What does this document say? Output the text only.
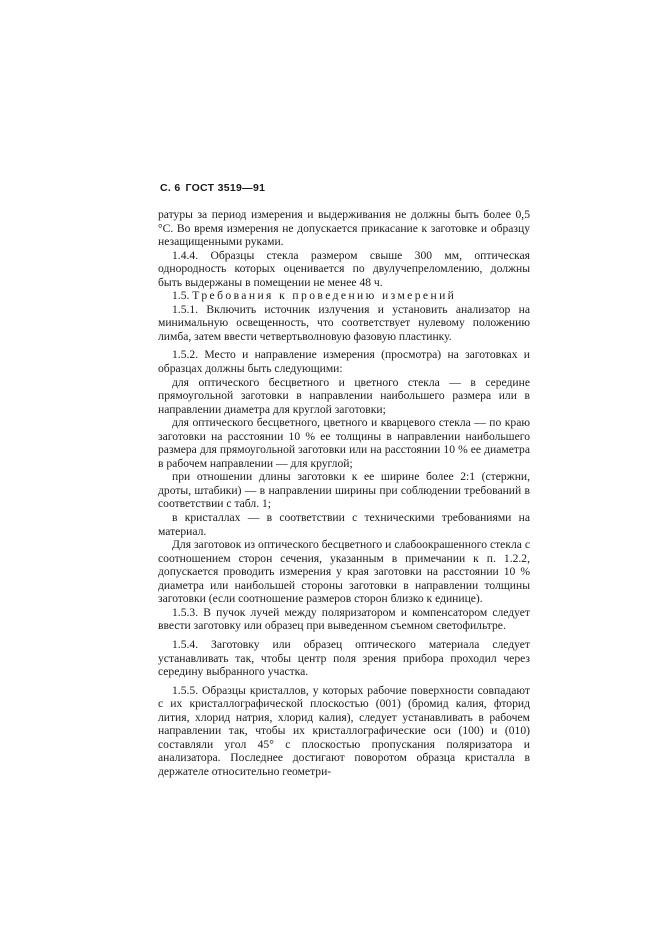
С. 6 ГОСТ 3519—91

ратуры за период измерения и выдерживания не должны быть более 0,5 °С. Во время измерения не допускается прикасание к заготовке и образцу незащищенными руками.

1.4.4. Образцы стекла размером свыше 300 мм, оптическая однородность которых оценивается по двулучепреломлению, должны быть выдержаны в помещении не менее 48 ч.

1.5. Требования к проведению измерений

1.5.1. Включить источник излучения и установить анализатор на минимальную освещенность, что соответствует нулевому положению лимба, затем ввести четвертьволновую фазовую пластинку.

1.5.2. Место и направление измерения (просмотра) на заготовках и образцах должны быть следующими:

для оптического бесцветного и цветного стекла — в середине прямоугольной заготовки в направлении наибольшего размера или в направлении диаметра для круглой заготовки;

для оптического бесцветного, цветного и кварцевого стекла — по краю заготовки на расстоянии 10 % ее толщины в направлении наибольшего размера для прямоугольной заготовки или на расстоянии 10 % ее диаметра в рабочем направлении — для круглой;

при отношении длины заготовки к ее ширине более 2:1 (стержни, дроты, штабики) — в направлении ширины при соблюдении требований в соответствии с табл. 1;

в кристаллах — в соответствии с техническими требованиями на материал.

Для заготовок из оптического бесцветного и слабоокрашенного стекла с соотношением сторон сечения, указанным в примечании к п. 1.2.2, допускается проводить измерения у края заготовки на расстоянии 10 % диаметра или наибольшей стороны заготовки в направлении толщины заготовки (если соотношение размеров сторон близко к единице).

1.5.3. В пучок лучей между поляризатором и компенсатором следует ввести заготовку или образец при выведенном съемном светофильтре.

1.5.4. Заготовку или образец оптического материала следует устанавливать так, чтобы центр поля зрения прибора проходил через середину выбранного участка.

1.5.5. Образцы кристаллов, у которых рабочие поверхности совпадают с их кристаллографической плоскостью (001) (бромид калия, фторид лития, хлорид натрия, хлорид калия), следует устанавливать в рабочем направлении так, чтобы их кристаллографические оси (100) и (010) составляли угол 45° с плоскостью пропускания поляризатора и анализатора. Последнее достигают поворотом образца кристалла в держателе относительно геометри-
